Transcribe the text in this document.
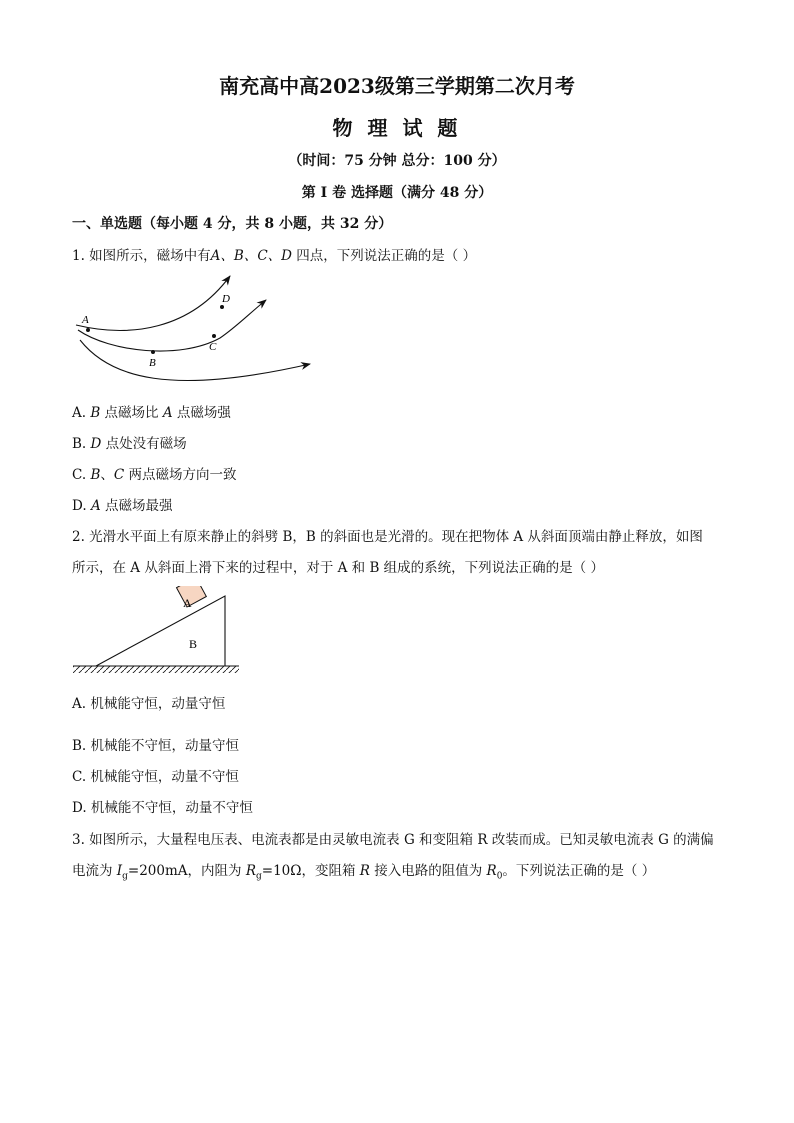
南充高中高2023级第三学期第二次月考
物 理 试 题
（时间：75 分钟 总分：100 分）
第 I 卷 选择题（满分 48 分）
一、单选题（每小题 4 分，共 8 小题，共 32 分）
1. 如图所示，磁场中有A、B、C、D 四点，下列说法正确的是（ ）
A
B
C
D
A. B 点磁场比 A 点磁场强
B. D 点处没有磁场
C. B、C 两点磁场方向一致
D. A 点磁场最强
2. 光滑水平面上有原来静止的斜劈 B，B 的斜面也是光滑的。现在把物体 A 从斜面顶端由静止释放，如图
所示，在 A 从斜面上滑下来的过程中，对于 A 和 B 组成的系统，下列说法正确的是（ ）
A
B
A. 机械能守恒，动量守恒
B. 机械能不守恒，动量守恒
C. 机械能守恒，动量不守恒
D. 机械能不守恒，动量不守恒
3. 如图所示，大量程电压表、电流表都是由灵敏电流表 G 和变阻箱 R 改装而成。已知灵敏电流表 G 的满偏
电流为 $I_g=200mA$，内阻为 $R_g=10\Omega$，变阻箱 R 接入电路的阻值为 $R_0$。下列说法正确的是（ ）
